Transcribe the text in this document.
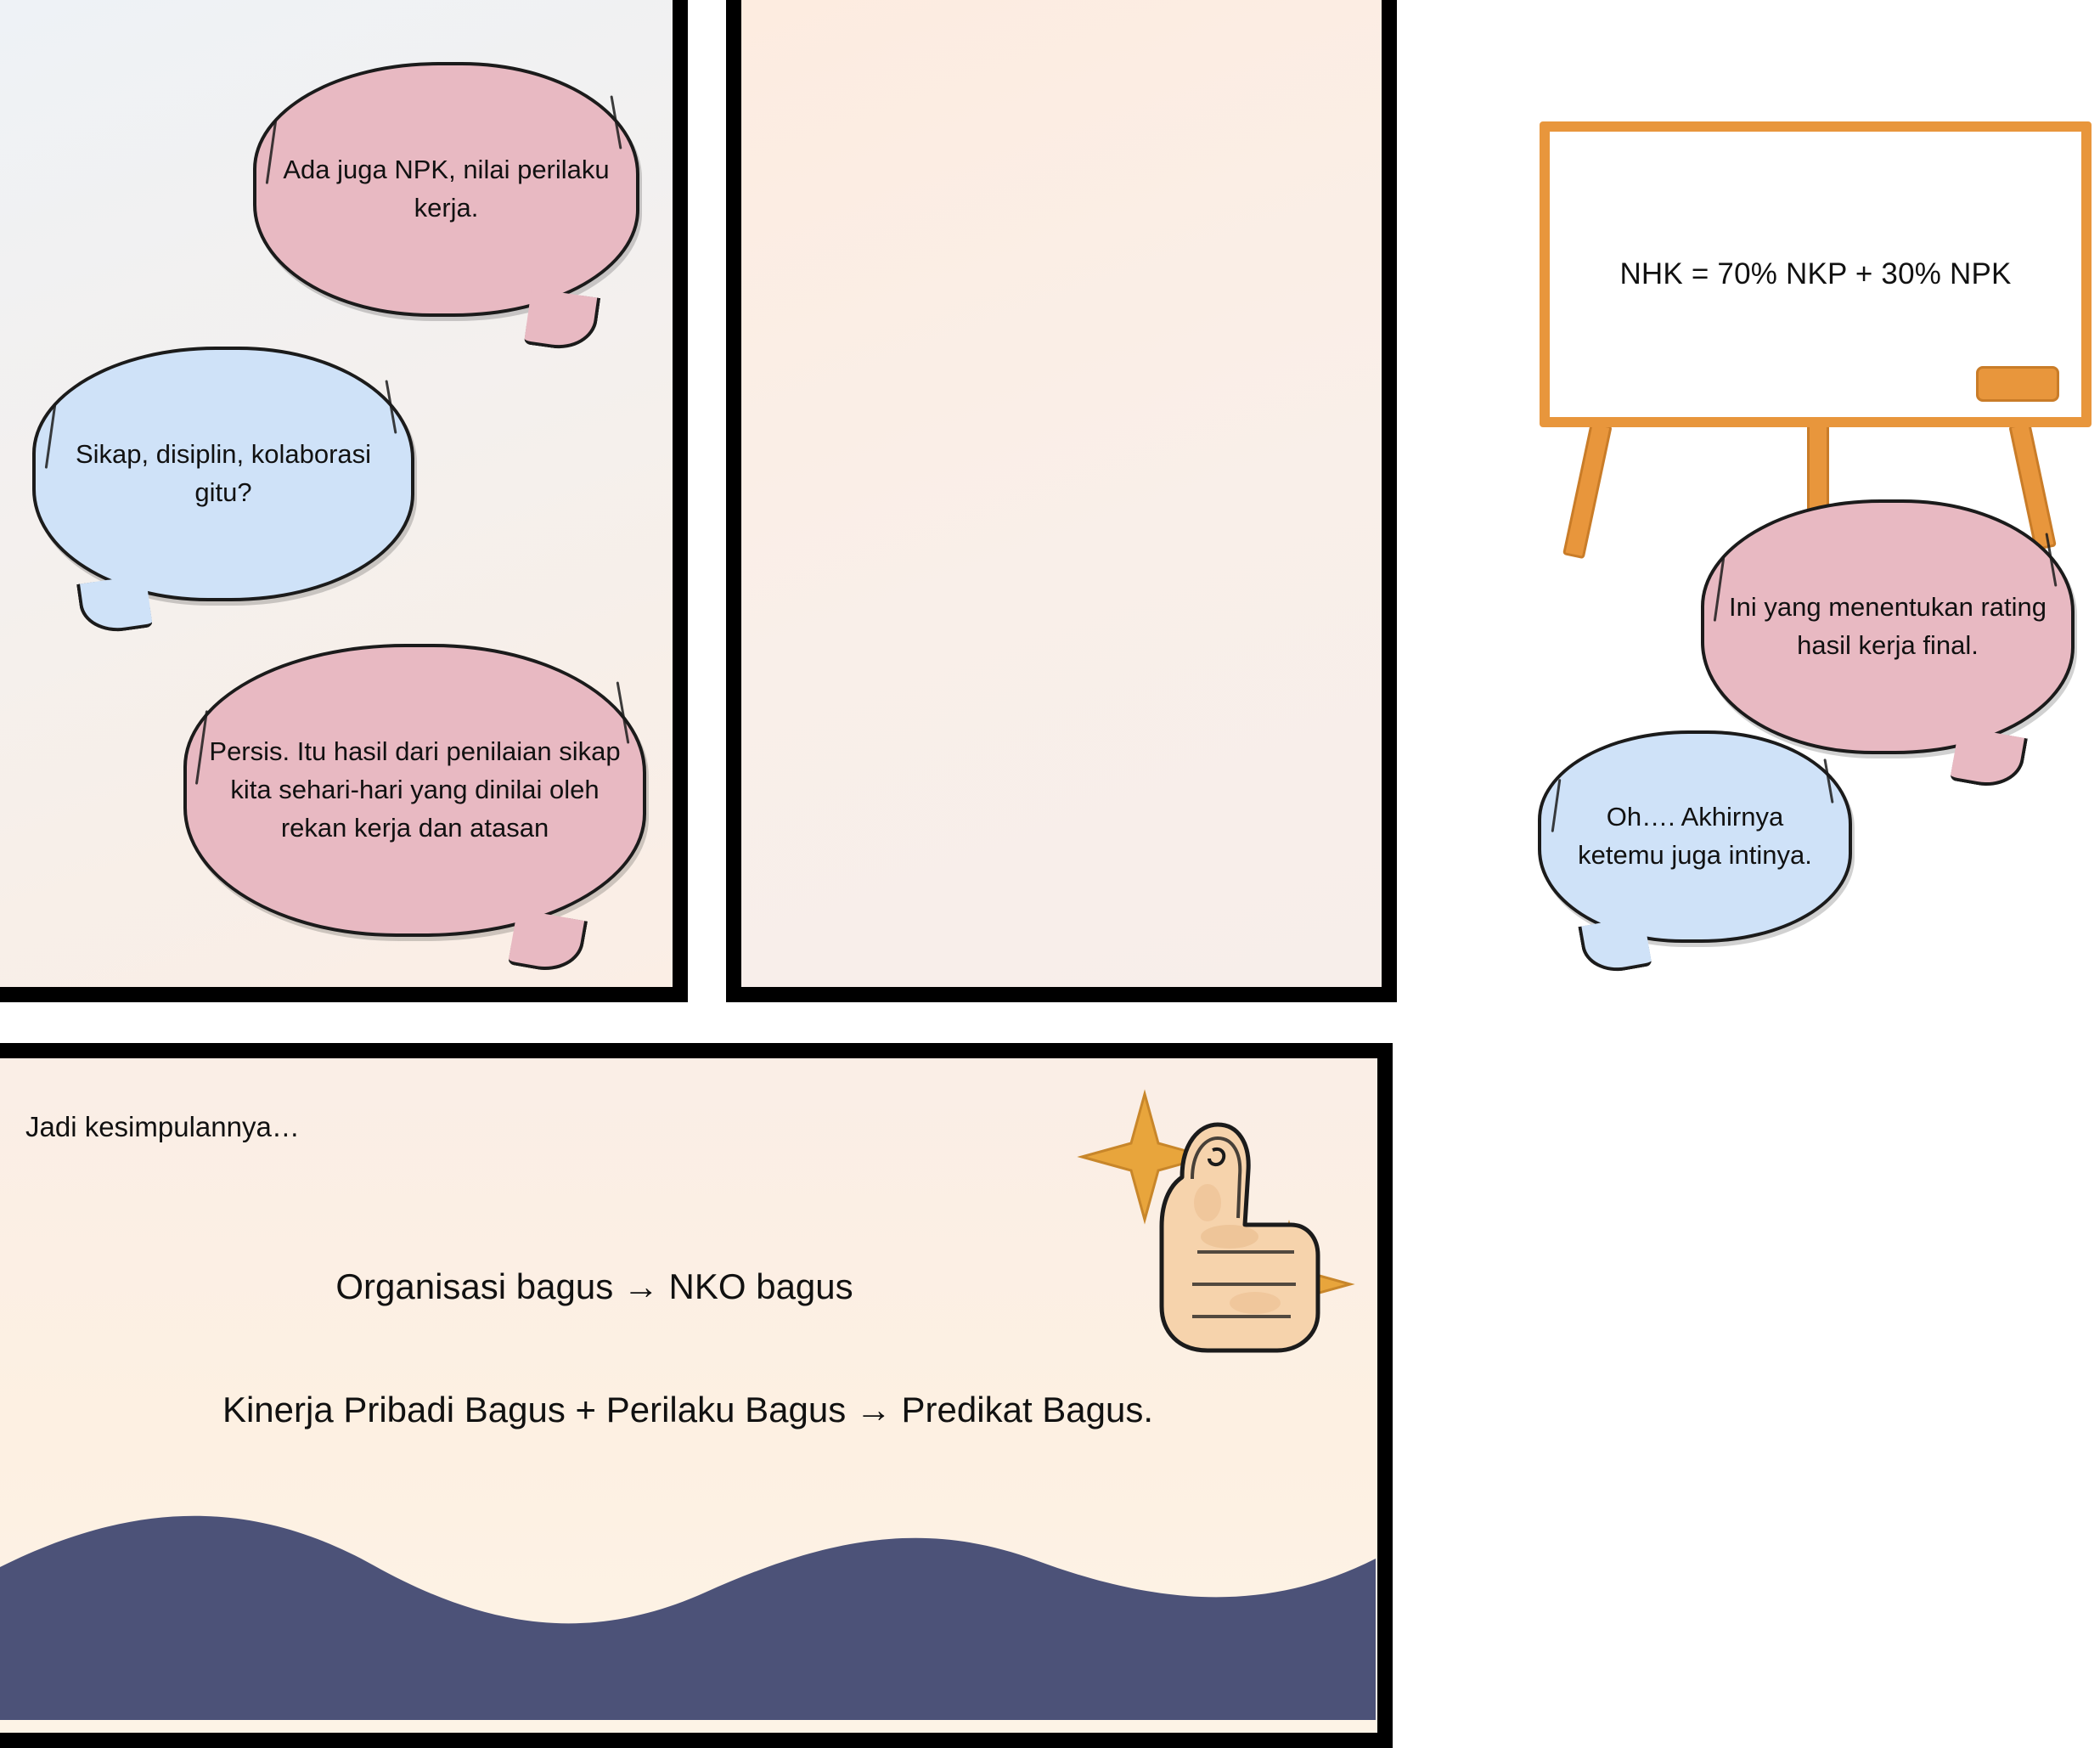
Ada juga NPK, nilai perilaku kerja.
Sikap, disiplin, kolaborasi gitu?
Persis. Itu hasil dari penilaian sikap kita sehari-hari yang dinilai oleh rekan kerja dan atasan
NHK = 70% NKP + 30% NPK
Ini yang menentukan rating hasil kerja final.
Oh…. Akhirnya ketemu juga intinya.
Jadi kesimpulannya…
Organisasi bagus → NKO bagus
Kinerja Pribadi Bagus + Perilaku Bagus → Predikat Bagus.
